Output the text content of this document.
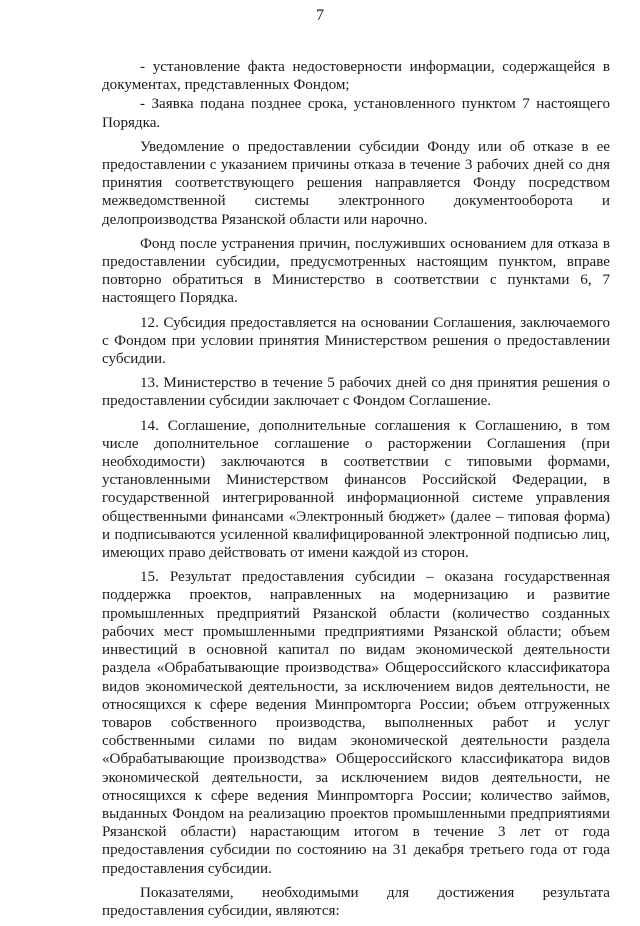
7

- установление факта недостоверности информации, содержащейся в документах, представленных Фондом;

- Заявка подана позднее срока, установленного пунктом 7 настоящего Порядка.

Уведомление о предоставлении субсидии Фонду или об отказе в ее предоставлении с указанием причины отказа в течение 3 рабочих дней со дня принятия соответствующего решения направляется Фонду посредством межведомственной системы электронного документооборота и делопроизводства Рязанской области или нарочно.

Фонд после устранения причин, послуживших основанием для отказа в предоставлении субсидии, предусмотренных настоящим пунктом, вправе повторно обратиться в Министерство в соответствии с пунктами 6, 7 настоящего Порядка.

12. Субсидия предоставляется на основании Соглашения, заключаемого с Фондом при условии принятия Министерством решения о предоставлении субсидии.

13. Министерство в течение 5 рабочих дней со дня принятия решения о предоставлении субсидии заключает с Фондом Соглашение.

14. Соглашение, дополнительные соглашения к Соглашению, в том числе дополнительное соглашение о расторжении Соглашения (при необходимости) заключаются в соответствии с типовыми формами, установленными Министерством финансов Российской Федерации, в государственной интегрированной информационной системе управления общественными финансами «Электронный бюджет» (далее – типовая форма) и подписываются усиленной квалифицированной электронной подписью лиц, имеющих право действовать от имени каждой из сторон.

15. Результат предоставления субсидии – оказана государственная поддержка проектов, направленных на модернизацию и развитие промышленных предприятий Рязанской области (количество созданных рабочих мест промышленными предприятиями Рязанской области; объем инвестиций в основной капитал по видам экономической деятельности раздела «Обрабатывающие производства» Общероссийского классификатора видов экономической деятельности, за исключением видов деятельности, не относящихся к сфере ведения Минпромторга России; объем отгруженных товаров собственного производства, выполненных работ и услуг собственными силами по видам экономической деятельности раздела «Обрабатывающие производства» Общероссийского классификатора видов экономической деятельности, за исключением видов деятельности, не относящихся к сфере ведения Минпромторга России; количество займов, выданных Фондом на реализацию проектов промышленными предприятиями Рязанской области) нарастающим итогом в течение 3 лет от года предоставления субсидии по состоянию на 31 декабря третьего года от года предоставления субсидии.

Показателями, необходимыми для достижения результата предоставления субсидии, являются:
